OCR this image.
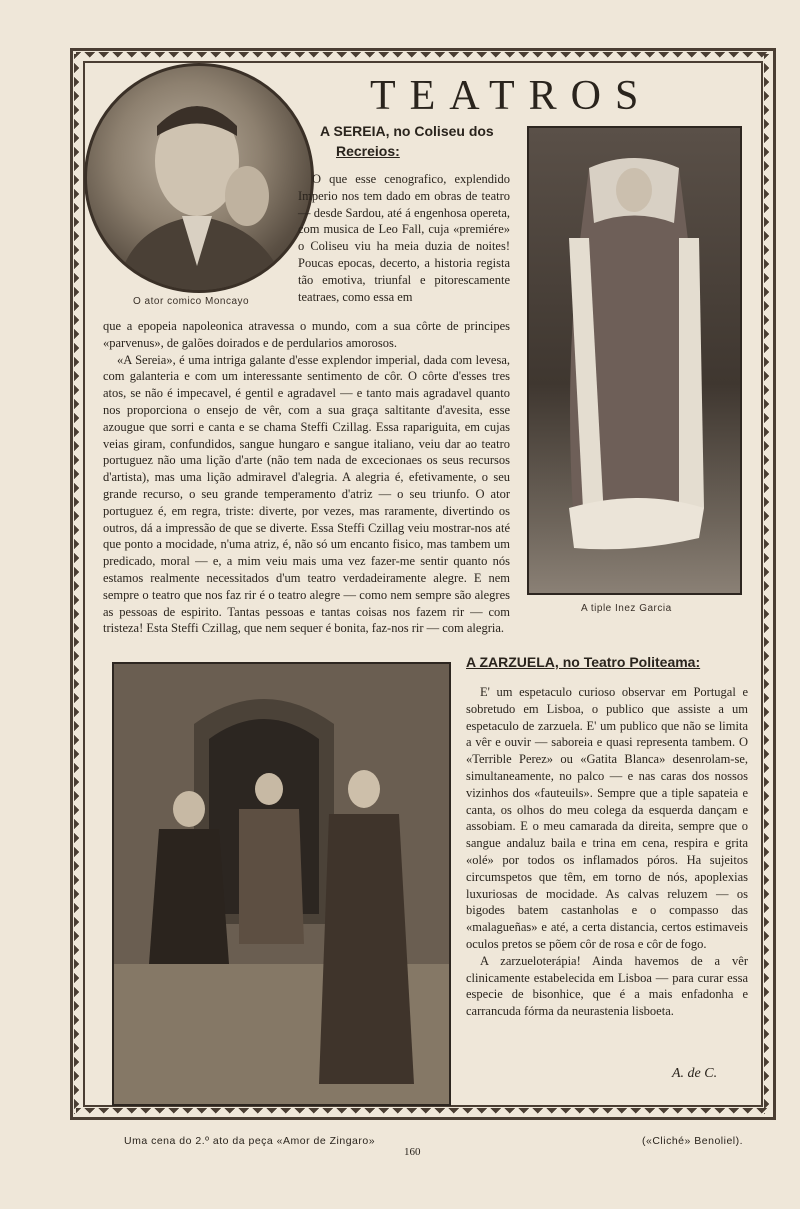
TEATROS
O ator comico Moncayo
A tiple Inez Garcia
A SEREIA, no Coliseu dos
Recreios:

O que esse cenografico, explendido Imperio nos tem dado em obras de teatro — desde Sardou, até á engenhosa opereta, com musica de Leo Fall, cuja «premiére» o Coliseu viu ha meia duzia de noites! Poucas epocas, decerto, a historia regista tão emotiva, triunfal e pitorescamente teatraes, como essa em

que a epopeia napoleonica atravessa o mundo, com a sua côrte de principes «parvenus», de galões doirados e de perdularios amorosos.

«A Sereia», é uma intriga galante d'esse explendor imperial, dada com levesa, com galanteria e com um interessante sentimento de côr. O côrte d'esses tres atos, se não é impecavel, é gentil e agradavel — e tanto mais agradavel quanto nos proporciona o ensejo de vêr, com a sua graça saltitante d'avesita, esse azougue que sorri e canta e se chama Steffi Czillag. Essa rapariguita, em cujas veias giram, confundidos, sangue hungaro e sangue italiano, veiu dar ao teatro portuguez não uma lição d'arte (não tem nada de excecionaes os seus recursos d'artista), mas uma lição admiravel d'alegria. A alegria é, efetivamente, o seu grande recurso, o seu grande temperamento d'atriz — o seu triunfo. O ator portuguez é, em regra, triste: diverte, por vezes, mas raramente, divertindo os outros, dá a impressão de que se diverte. Essa Steffi Czillag veiu mostrar-nos até que ponto a mocidade, n'uma atriz, é, não só um encanto fisico, mas tambem um predicado, moral — e, a mim veiu mais uma vez fazer-me sentir quanto nós estamos realmente necessitados d'um teatro verdadeiramente alegre. E nem sempre o teatro que nos faz rir é o teatro alegre — como nem sempre são alegres as pessoas de espirito. Tantas pessoas e tantas coisas nos fazem rir — com tristeza! Esta Steffi Czillag, que nem sequer é bonita, faz-nos rir — com alegria.

A ZARZUELA, no Teatro Politeama:

E' um espetaculo curioso observar em Portugal e sobretudo em Lisboa, o publico que assiste a um espetaculo de zarzuela. E' um publico que não se limita a vêr e ouvir — saboreia e quasi representa tambem. O «Terrible Perez» ou «Gatita Blanca» desenrolam-se, simultaneamente, no palco — e nas caras dos nossos vizinhos dos «fauteuils». Sempre que a tiple sapateia e canta, os olhos do meu colega da esquerda dançam e assobiam. E o meu camarada da direita, sempre que o sangue andaluz baila e trina em cena, respira e grita «olé» por todos os inflamados póros. Ha sujeitos circumspetos que têm, em torno de nós, apoplexias luxuriosas de mocidade. As calvas reluzem — os bigodes batem castanholas e o compasso das «malagueñas» e até, a certa distancia, certos estimaveis oculos pretos se põem côr de rosa e côr de fogo.

A zarzueloterápia! Ainda havemos de a vêr clinicamente estabelecida em Lisboa — para curar essa especie de bisonhice, que é a mais enfadonha e carrancuda fórma da neurastenia lisboeta.

A. de C.
Uma cena do 2.º ato da peça «Amor de Zingaro»	(«Cliché» Benoliel).
160
